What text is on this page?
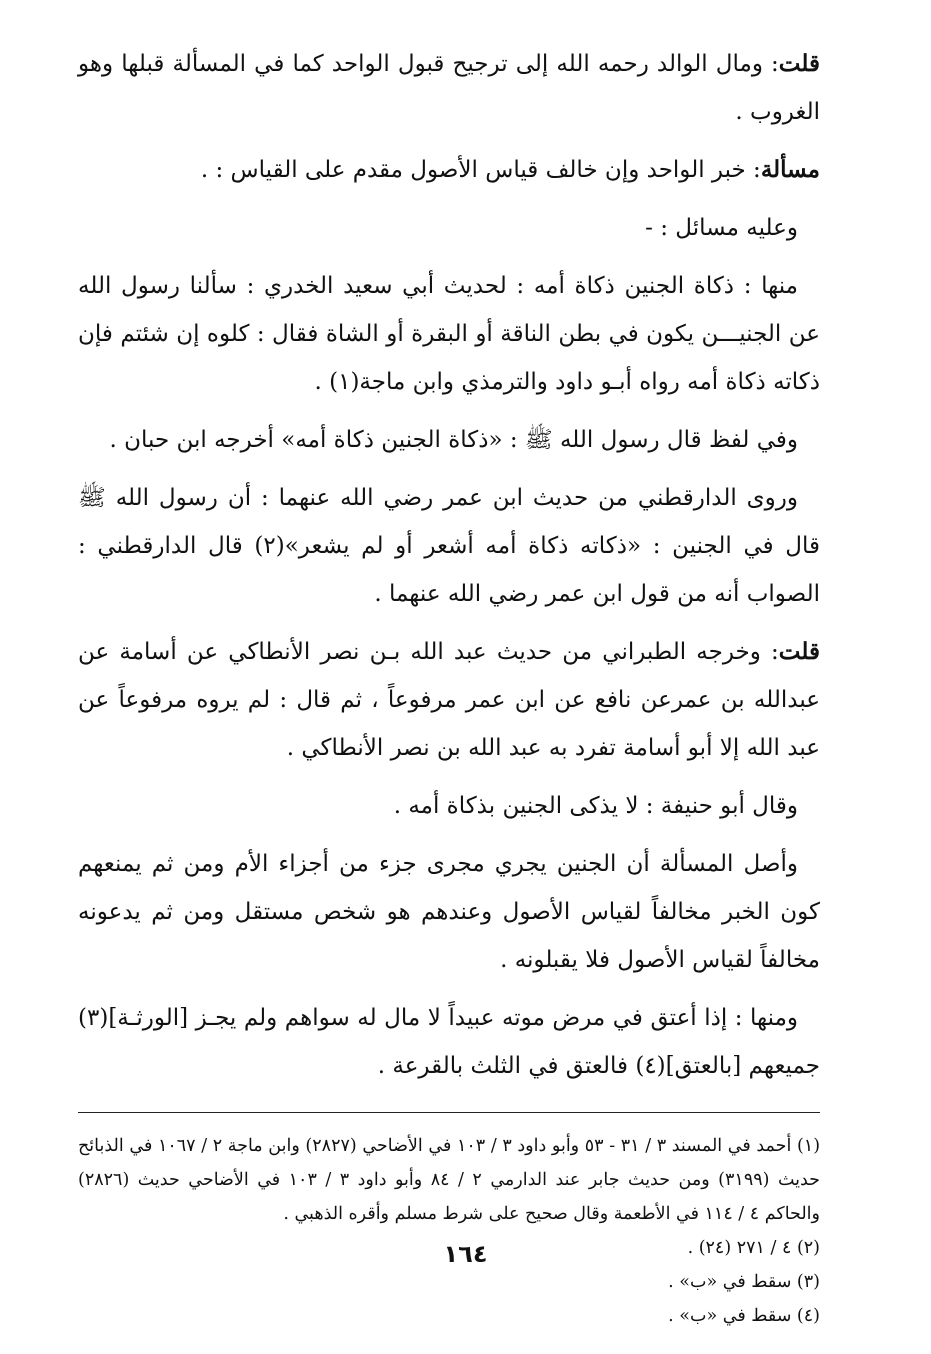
قلت: ومال الوالد رحمه الله إلى ترجيح قبول الواحد كما في المسألة قبلها وهو الغروب .

مسألة: خبر الواحد وإن خالف قياس الأصول مقدم على القياس : .

وعليه مسائل : -

منها : ذكاة الجنين ذكاة أمه : لحديث أبي سعيد الخدري : سألنا رسول الله عن الجنيـــن يكون في بطن الناقة أو البقرة أو الشاة فقال : كلوه إن شئتم فإن ذكاته ذكاة أمه رواه أبـو داود والترمذي وابن ماجة(١) .

وفي لفظ قال رسول الله ﷺ : «ذكاة الجنين ذكاة أمه» أخرجه ابن حبان .

وروى الدارقطني من حديث ابن عمر رضي الله عنهما : أن رسول الله ﷺ قال في الجنين : «ذكاته ذكاة أمه أشعر أو لم يشعر»(٢) قال الدارقطني : الصواب أنه من قول ابن عمر رضي الله عنهما .

قلت: وخرجه الطبراني من حديث عبد الله بـن نصر الأنطاكي عن أسامة عن عبدالله بن عمرعن نافع عن ابن عمر مرفوعاً ، ثم قال : لم يروه مرفوعاً عن عبد الله إلا أبو أسامة تفرد به عبد الله بن نصر الأنطاكي .

وقال أبو حنيفة : لا يذكى الجنين بذكاة أمه .

وأصل المسألة أن الجنين يجري مجرى جزء من أجزاء الأم ومن ثم يمنعهم كون الخبر مخالفاً لقياس الأصول وعندهم هو شخص مستقل ومن ثم يدعونه مخالفاً لقياس الأصول فلا يقبلونه .

ومنها : إذا أعتق في مرض موته عبيداً لا مال له سواهم ولم يجـز [الورثـة](٣) جميعهم [بالعتق](٤) فالعتق في الثلث بالقرعة .

(١) أحمد في المسند ٣ / ٣١ - ٥٣ وأبو داود ٣ / ١٠٣ في الأضاحي (٢٨٢٧) وابن ماجة ٢ / ١٠٦٧ في الذبائح حديث (٣١٩٩) ومن حديث جابر عند الدارمي ٢ / ٨٤ وأبو داود ٣ / ١٠٣ في الأضاحي حديث (٢٨٢٦) والحاكم ٤ / ١١٤ في الأطعمة وقال صحيح على شرط مسلم وأقره الذهبي .

(٢) ٤ / ٢٧١ (٢٤) .

(٣) سقط في «ب» .

(٤) سقط في «ب» .

١٦٤
